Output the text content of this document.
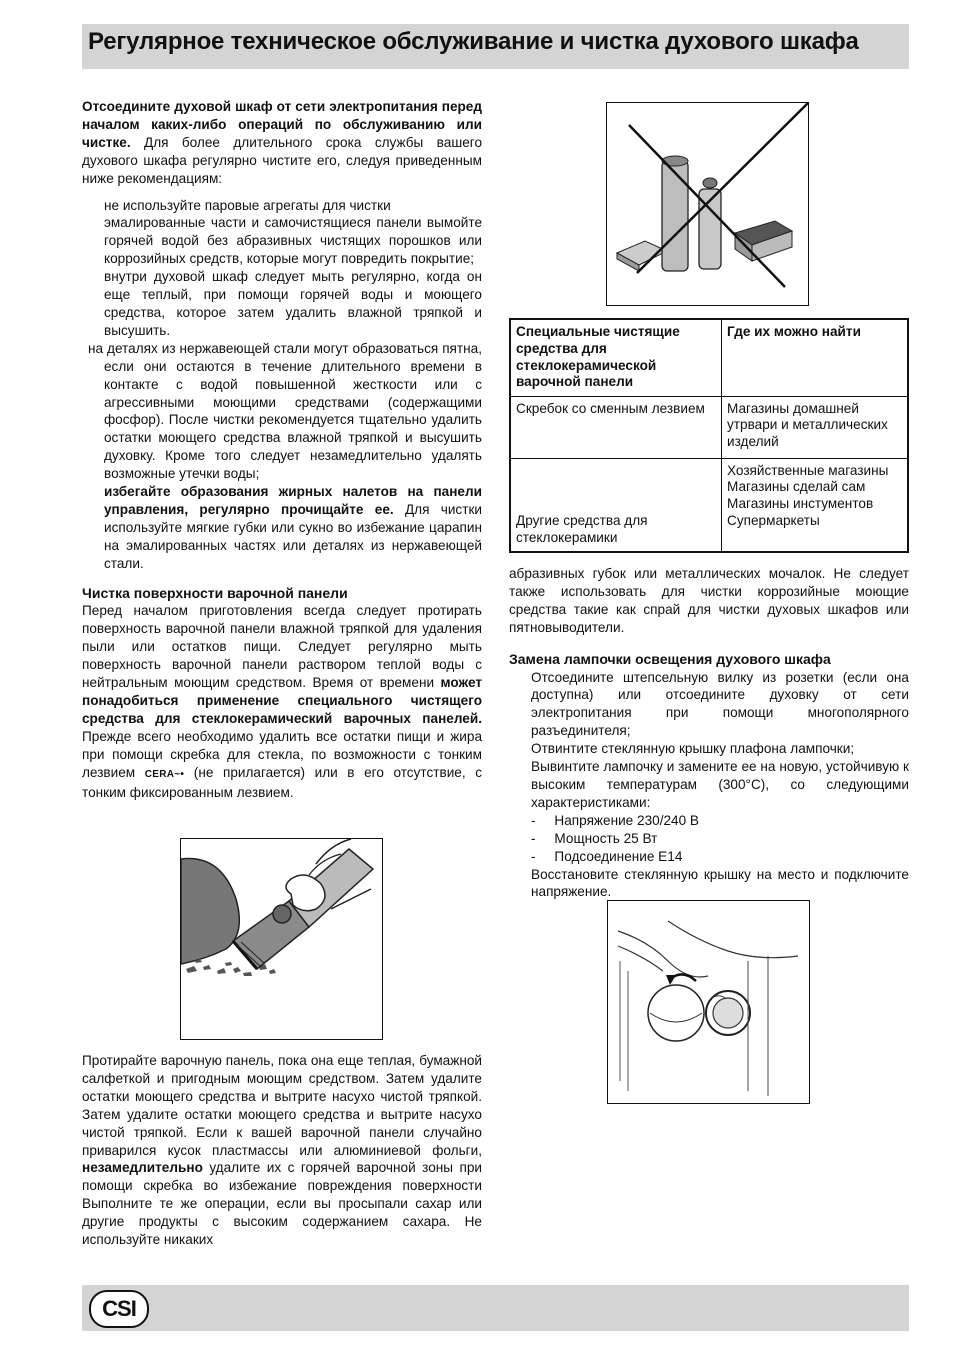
Регулярное техническое обслуживание и чистка духового шкафа

Отсоедините духовой шкаф от сети электропитания перед началом каких-либо операций по обслуживанию или чистке. Для более длительного срока службы вашего духового шкафа регулярно чистите его, следуя приведенным ниже рекомендациям:

не используйте паровые агрегаты для чистки

эмалированные части и самочистящиеся панели вымойте горячей водой без абразивных чистящих порошков или коррозийных средств, которые могут повредить покрытие;

внутри духовой шкаф следует мыть регулярно, когда он еще теплый, при помощи горячей воды и моющего средства, которое затем удалить влажной тряпкой и высушить.

на деталях из нержавеющей стали могут образоваться пятна, если они остаются в течение длительного времени в контакте с водой повышенной жесткости или с агрессивными моющими средствами (содержащими фосфор). После чистки рекомендуется тщательно удалить остатки моющего средства влажной тряпкой и высушить духовку. Кроме того следует незамедлительно удалять возможные утечки воды;

избегайте образования жирных налетов на панели управления, регулярно прочищайте ее. Для чистки используйте мягкие губки или сукно во избежание царапин на эмалированных частях или деталях из нержавеющей стали.

Чистка поверхности варочной панели

Перед началом приготовления всегда следует протирать поверхность варочной панели влажной тряпкой для удаления пыли или остатков пищи. Следует регулярно мыть поверхность варочной панели раствором теплой воды с нейтральным моющим средством. Время от времени может понадобиться применение специального чистящего средства для стеклокерамический варочных панелей. Прежде всего необходимо удалить все остатки пищи и жира при помощи скребка для стекла, по возможности с тонким лезвием CERA~• (не прилагается) или в его отсутствие, с тонким фиксированным лезвием.

Протирайте варочную панель, пока она еще теплая, бумажной салфеткой и пригодным моющим средством. Затем удалите остатки моющего средства и вытрите насухо чистой тряпкой. Затем удалите остатки моющего средства и вытрите насухо чистой тряпкой. Если к вашей варочной панели случайно приварился кусок пластмассы или алюминиевой фольги, незамедлительно удалите их с горячей варочной зоны при помощи скребка во избежание повреждения поверхности Выполните те же операции, если вы просыпали сахар или другие продукты с высоким содержанием сахара. Не используйте никаких

Специальные чистящие средства для стеклокерамической варочной панели	Где их можно найти
Скребок со сменным лезвием	Магазины домашней утрвари и металлических изделий
Другие средства для стеклокерамики	Хозяйственные магазины
Магазины сделай сам
Магазины инстументов
Супермаркеты

абразивных губок или металлических мочалок. Не следует также использовать для чистки коррозийные моющие средства такие как спрай для чистки духовых шкафов или пятновыводители.

Замена лампочки освещения духового шкафа

Отсоедините штепсельную вилку из розетки (если она доступна) или отсоедините духовку от сети электропитания при помощи многополярного разъединителя;

Отвинтите стеклянную крышку плафона лампочки;

Вывинтите лампочку и замените ее на новую, устойчивую к высоким температурам (300°С), со следующими характеристиками:

- Напряжение 230/240 В

- Мощность 25 Вт

- Подсоединение Е14

Восстановите стеклянную крышку на место и подключите напряжение.

CSI
